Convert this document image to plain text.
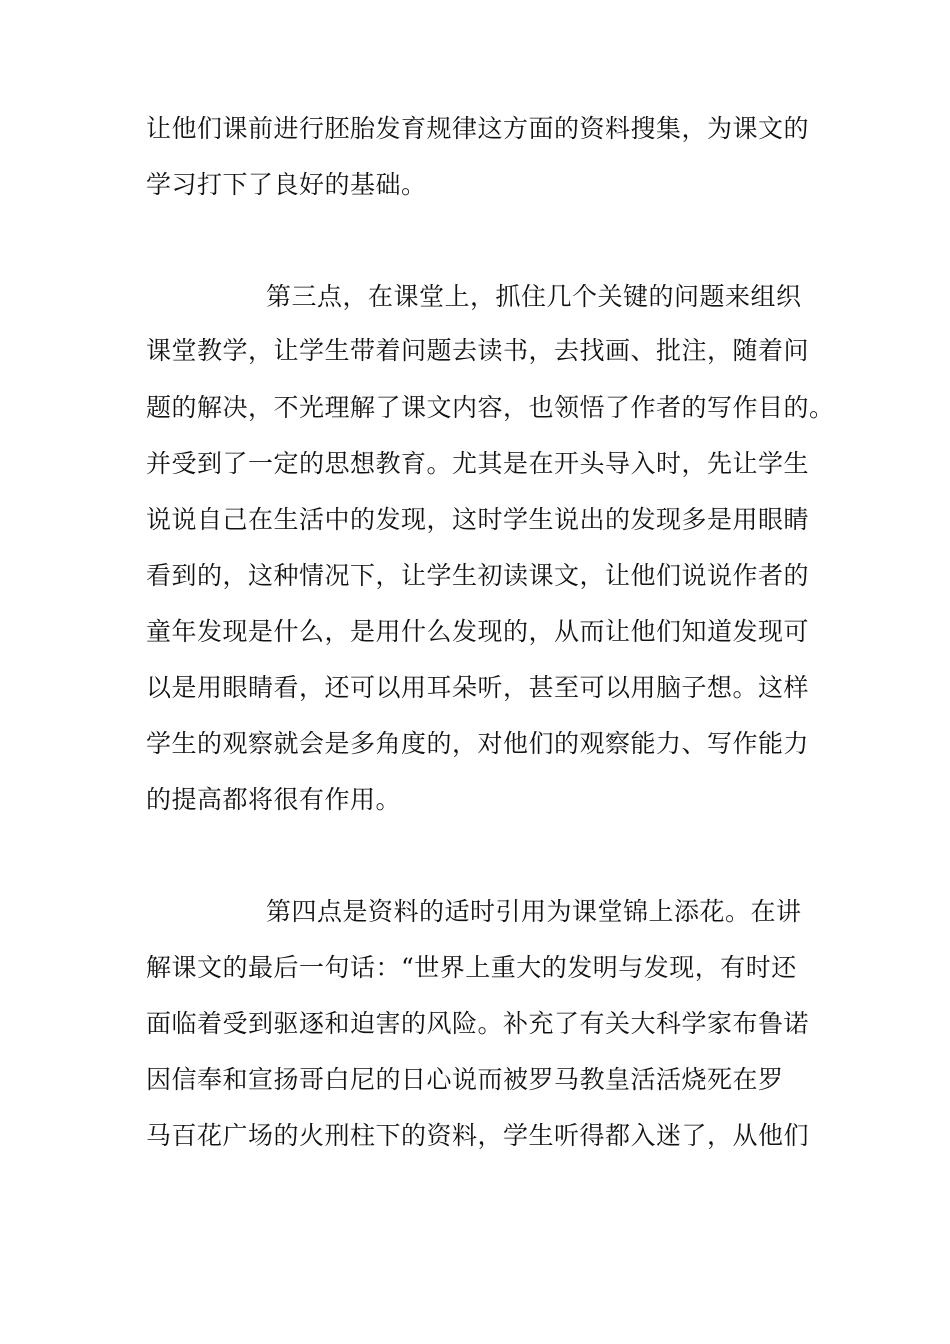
让他们课前进行胚胎发育规律这方面的资料搜集，为课文的
学习打下了良好的基础。
第三点，在课堂上，抓住几个关键的问题来组织
课堂教学，让学生带着问题去读书，去找画、批注，随着问
题的解决，不光理解了课文内容，也领悟了作者的写作目的。
并受到了一定的思想教育。尤其是在开头导入时，先让学生
说说自己在生活中的发现，这时学生说出的发现多是用眼睛
看到的，这种情况下，让学生初读课文，让他们说说作者的
童年发现是什么，是用什么发现的，从而让他们知道发现可
以是用眼睛看，还可以用耳朵听，甚至可以用脑子想。这样
学生的观察就会是多角度的，对他们的观察能力、写作能力
的提高都将很有作用。
第四点是资料的适时引用为课堂锦上添花。在讲
解课文的最后一句话：“世界上重大的发明与发现，有时还
面临着受到驱逐和迫害的风险。补充了有关大科学家布鲁诺
因信奉和宣扬哥白尼的日心说而被罗马教皇活活烧死在罗
马百花广场的火刑柱下的资料，学生听得都入迷了，从他们
